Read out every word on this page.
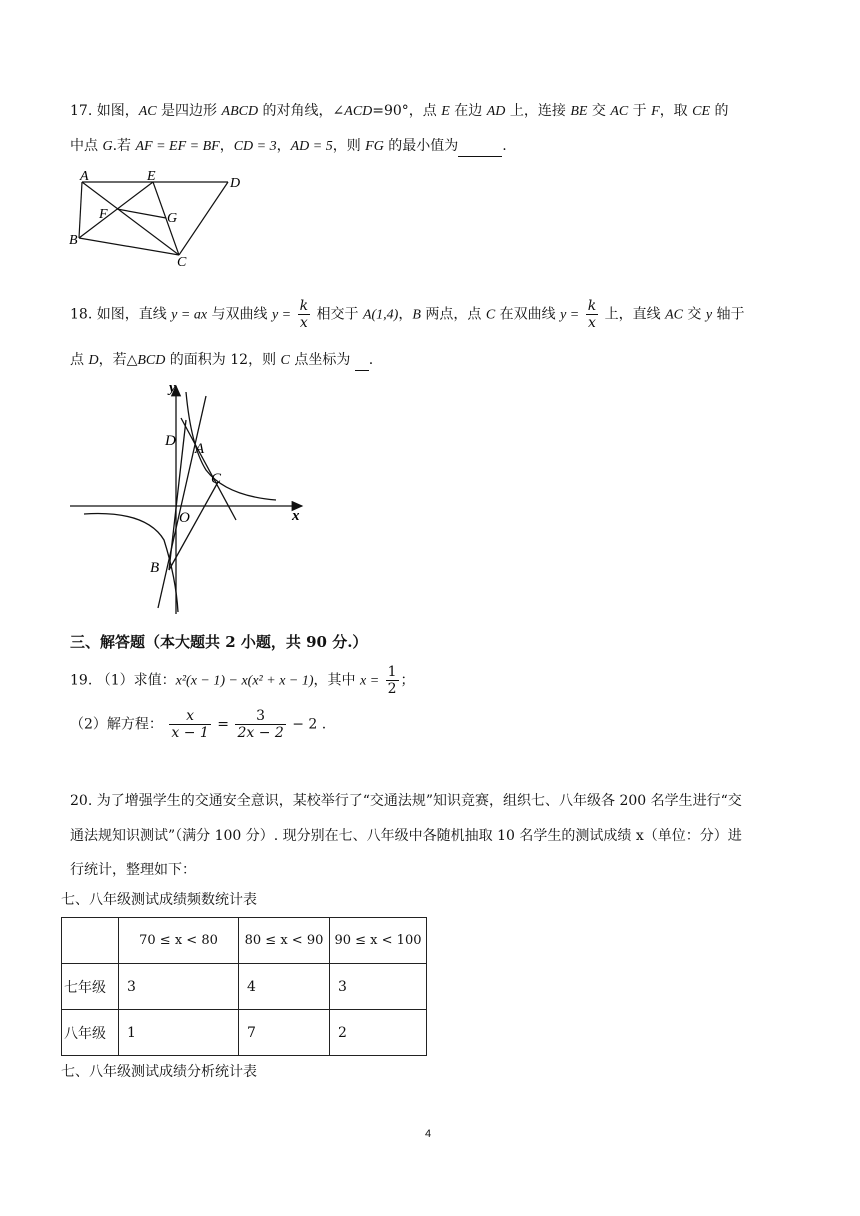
17. 如图，AC 是四边形 ABCD 的对角线，∠ACD=90°，点 E 在边 AD 上，连接 BE 交 AC 于 F，取 CE 的
中点 G.若 AF = EF = BF，CD = 3，AD = 5，则 FG 的最小值为	.
A	E	D
F	G
B
C
18. 如图，直线 y = ax 与双曲线 $y = \frac{k}{x}$ 相交于 A(1,4)，B 两点，点 C 在双曲线 $y = \frac{k}{x}$ 上，直线 AC 交 y 轴于
点 D，若△BCD 的面积为 12，则 C 点坐标为  .
y
x
D A
C
O
B
三、解答题（本大题共 2 小题，共 90 分.）
19. （1）求值：x²(x − 1) − x(x² + x − 1)，其中 $x = \frac{1}{2}$ ；
（2）解方程： $\frac{x}{x - 1} = \frac{3}{2x - 2} - 2$ .
20. 为了增强学生的交通安全意识，某校举行了“交通法规”知识竞赛，组织七、八年级各 200 名学生进行“交
通法规知识测试”（满分 100 分）. 现分别在七、八年级中各随机抽取 10 名学生的测试成绩 x（单位：分）进
行统计，整理如下：
七、八年级测试成绩频数统计表
	70 ≤ x < 80	80 ≤ x < 90	90 ≤ x < 100
七年级	3	4	3
八年级	1	7	2
七、八年级测试成绩分析统计表
4
